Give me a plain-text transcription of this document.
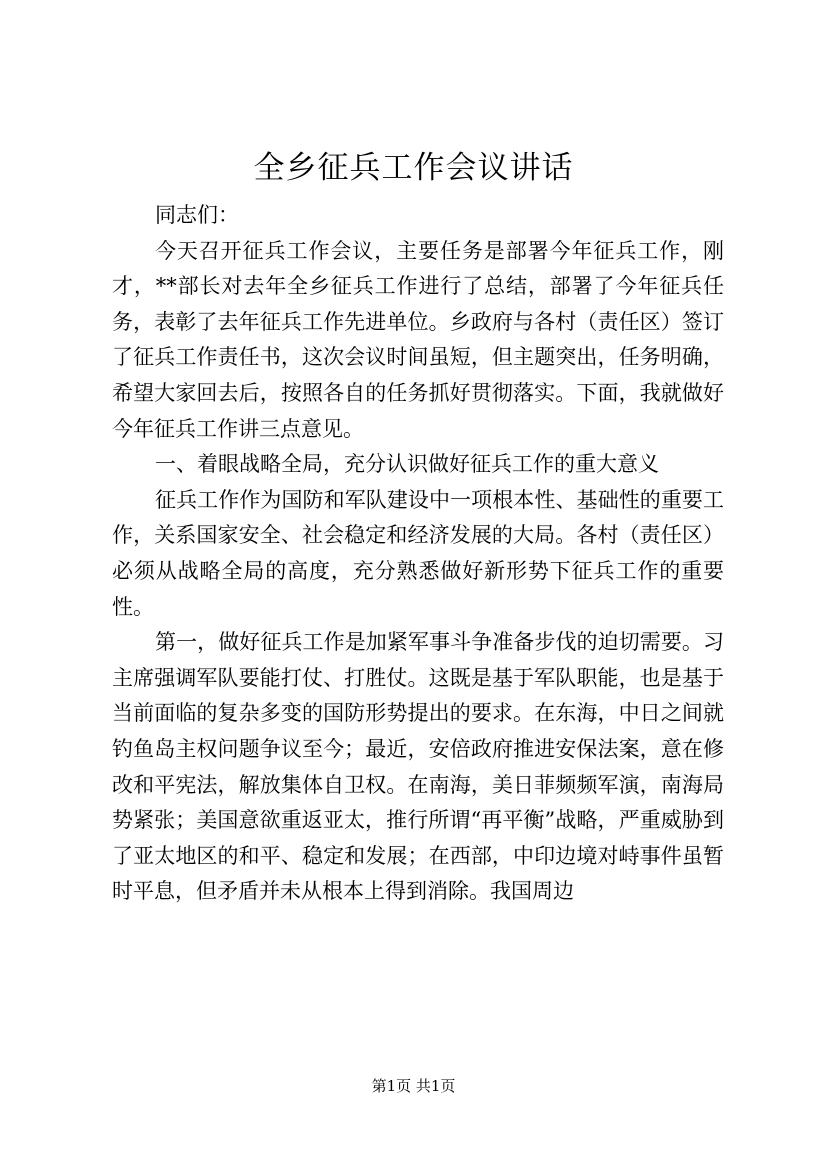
全乡征兵工作会议讲话

同志们：

今天召开征兵工作会议，主要任务是部署今年征兵工作，刚才，**部长对去年全乡征兵工作进行了总结，部署了今年征兵任务，表彰了去年征兵工作先进单位。乡政府与各村（责任区）签订了征兵工作责任书，这次会议时间虽短，但主题突出，任务明确，希望大家回去后，按照各自的任务抓好贯彻落实。下面，我就做好今年征兵工作讲三点意见。

一、着眼战略全局，充分认识做好征兵工作的重大意义

征兵工作作为国防和军队建设中一项根本性、基础性的重要工作，关系国家安全、社会稳定和经济发展的大局。各村（责任区）必须从战略全局的高度，充分熟悉做好新形势下征兵工作的重要性。

第一，做好征兵工作是加紧军事斗争准备步伐的迫切需要。习主席强调军队要能打仗、打胜仗。这既是基于军队职能，也是基于当前面临的复杂多变的国防形势提出的要求。在东海，中日之间就钓鱼岛主权问题争议至今；最近，安倍政府推进安保法案，意在修改和平宪法，解放集体自卫权。在南海，美日菲频频军演，南海局势紧张；美国意欲重返亚太，推行所谓“再平衡”战略，严重威胁到了亚太地区的和平、稳定和发展；在西部，中印边境对峙事件虽暂时平息，但矛盾并未从根本上得到消除。我国周边

第1页 共1页
